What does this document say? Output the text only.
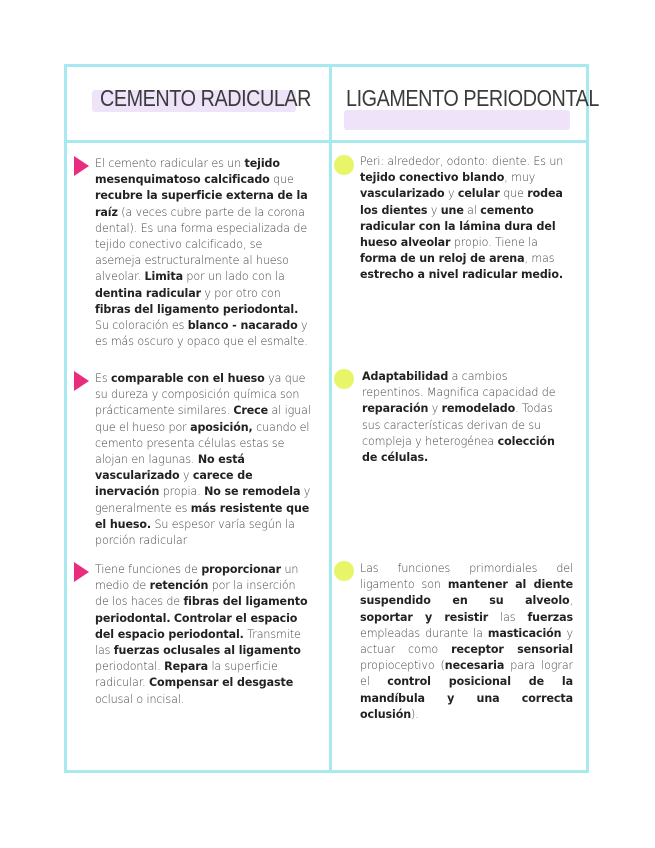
CEMENTO RADICULAR LIGAMENTO PERIODONTAL
El cemento radicular es un tejido mesenquimatoso calcificado que recubre la superficie externa de la raíz (a veces cubre parte de la corona dental). Es una forma especializada de tejido conectivo calcificado, se asemeja estructuralmente al hueso alveolar. Limita por un lado con la dentina radicular y por otro con fibras del ligamento periodontal. Su coloración es blanco - nacarado y es más oscuro y opaco que el esmalte.
Es comparable con el hueso ya que su dureza y composición química son prácticamente similares. Crece al igual que el hueso por aposición, cuando el cemento presenta células estas se alojan en lagunas. No está vascularizado y carece de inervación propia. No se remodela y generalmente es más resistente que el hueso. Su espesor varía según la porción radicular
Tiene funciones de proporcionar un medio de retención por la inserción de los haces de fibras del ligamento periodontal. Controlar el espacio del espacio periodontal. Transmite las fuerzas oclusales al ligamento periodontal. Repara la superficie radicular. Compensar el desgaste oclusal o incisal.
Peri: alrededor, odonto: diente. Es un tejido conectivo blando, muy vascularizado y celular que rodea los dientes y une al cemento radicular con la lámina dura del hueso alveolar propio. Tiene la forma de un reloj de arena, mas estrecho a nivel radicular medio.
Adaptabilidad a cambios repentinos. Magnifica capacidad de reparación y remodelado. Todas sus características derivan de su compleja y heterogénea colección de células.
Las funciones primordiales del ligamento son mantener al diente suspendido en su alveolo, soportar y resistir las fuerzas empleadas durante la masticación y actuar como receptor sensorial propioceptivo (necesaria para lograr el control posicional de la mandíbula y una correcta oclusión).
